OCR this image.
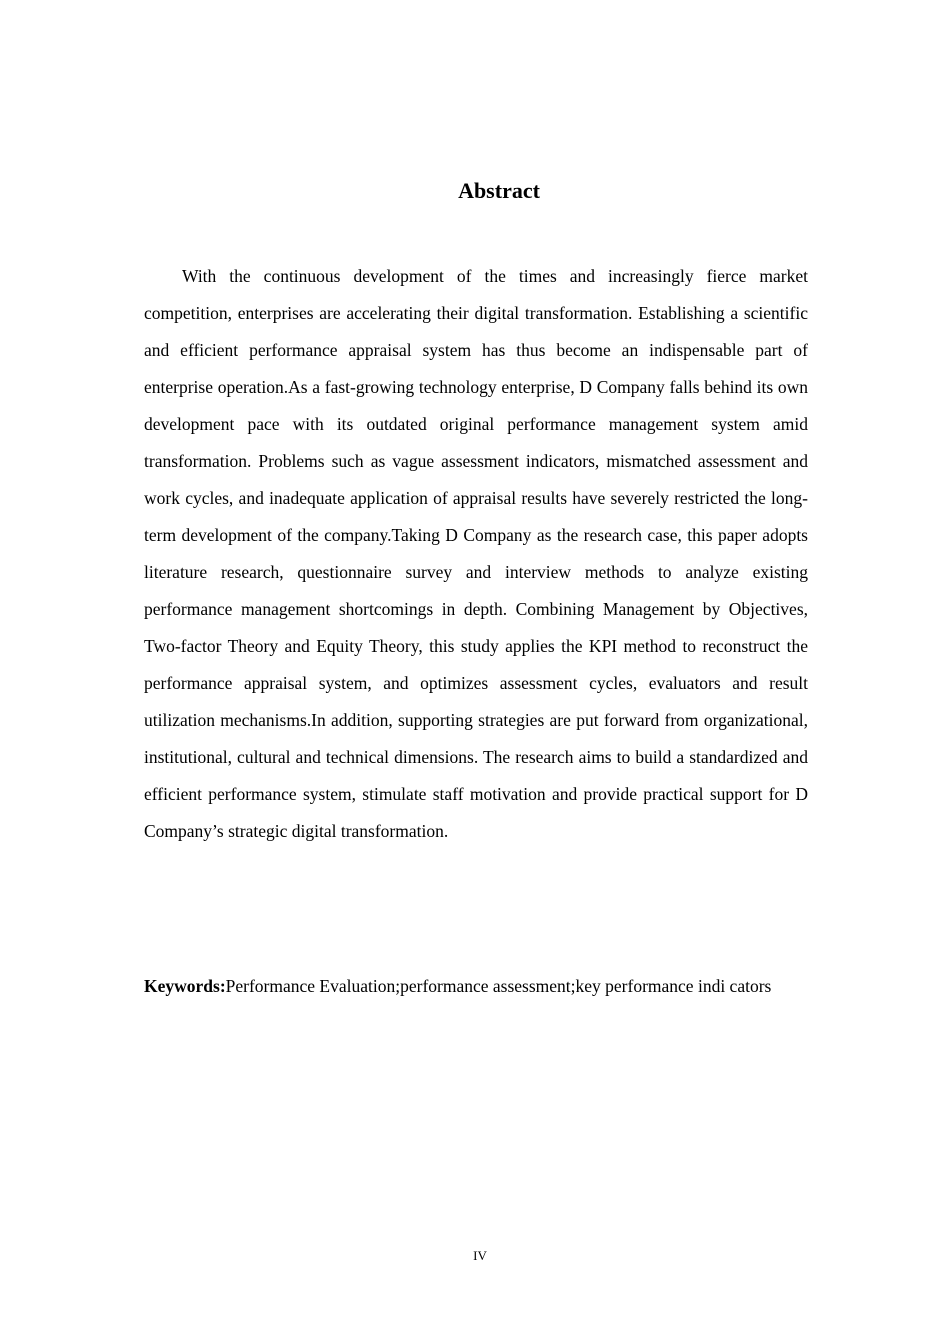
Abstract

With the continuous development of the times and increasingly fierce market competition, enterprises are accelerating their digital transformation. Establishing a scientific and efficient performance appraisal system has thus become an indispensable part of enterprise operation.As a fast-growing technology enterprise, D Company falls behind its own development pace with its outdated original performance management system amid transformation. Problems such as vague assessment indicators, mismatched assessment and work cycles, and inadequate application of appraisal results have severely restricted the long-term development of the company.Taking D Company as the research case, this paper adopts literature research, questionnaire survey and interview methods to analyze existing performance management shortcomings in depth. Combining Management by Objectives, Two-factor Theory and Equity Theory, this study applies the KPI method to reconstruct the performance appraisal system, and optimizes assessment cycles, evaluators and result utilization mechanisms.In addition, supporting strategies are put forward from organizational, institutional, cultural and technical dimensions. The research aims to build a standardized and efficient performance system, stimulate staff motivation and provide practical support for D Company’s strategic digital transformation.

Keywords:Performance Evaluation;performance assessment;key performance indi cators

IV
